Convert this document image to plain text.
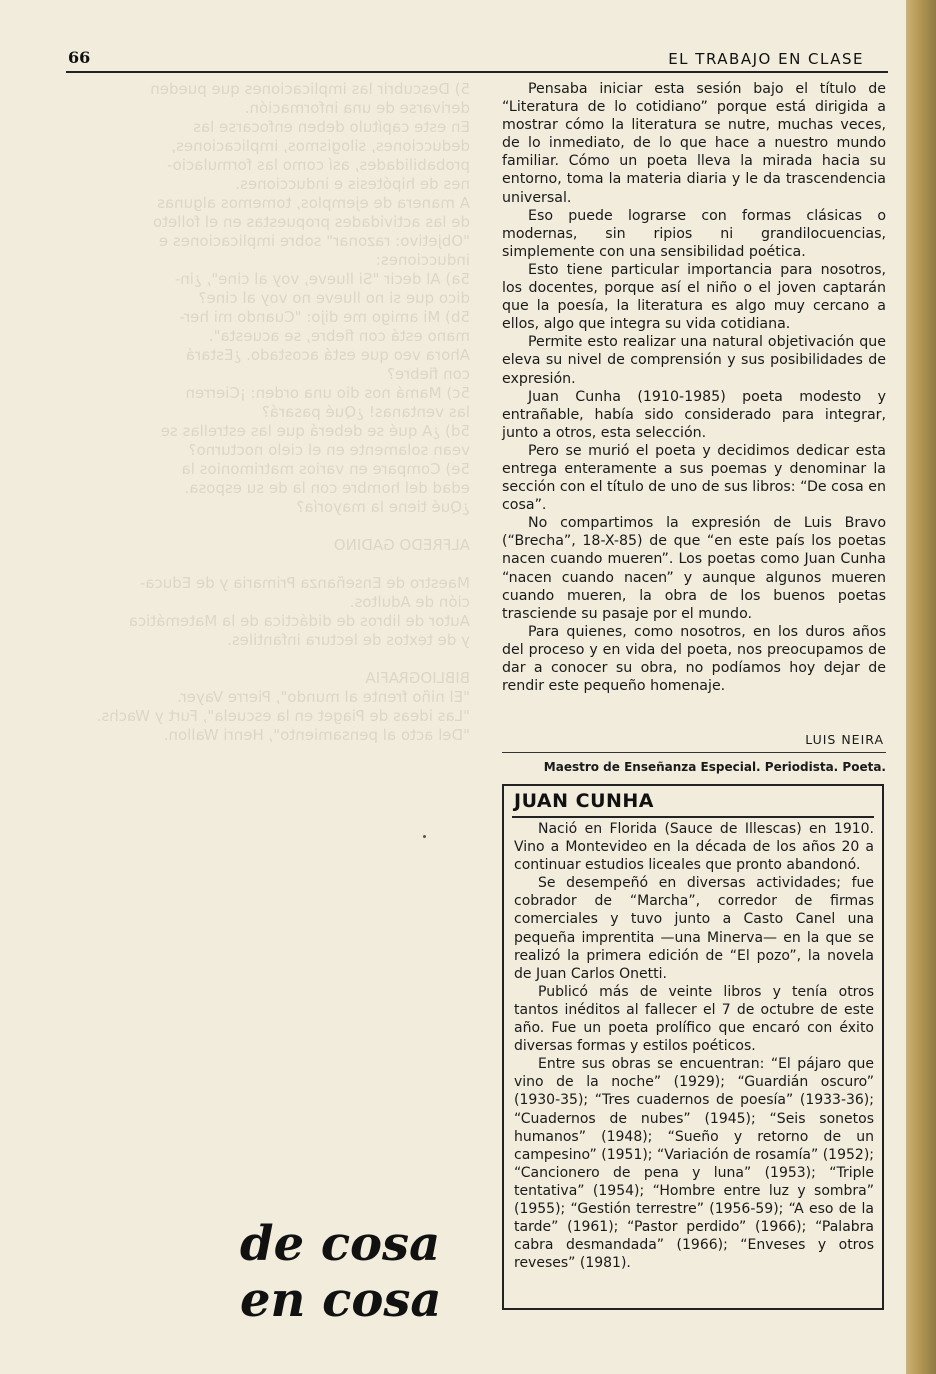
5) Descubrir las implicaciones que pueden
derivarse de una información.
En este capítulo deben enfocarse las
deducciones, silogismos, implicaciones,
probabilidades, así como las formulacio-
nes de hipótesis e inducciones.
A manera de ejemplos, tomemos algunas
de las actividades propuestas en el folleto
"Objetivo: razonar" sobre implicaciones e
inducciones:
5a) Al decir "Si llueve, voy al cine", ¿in-
dico que si no llueve no voy al cine?
5b) Mi amigo me dijo: "Cuando mi her-
mano está con fiebre, se acuesta".
Ahora veo que está acostado. ¿Estará
con fiebre?
5c) Mamá nos dio una orden: ¡Cierren
las ventanas! ¿Qué pasará?
5d) ¿A qué se deberá que las estrellas se
vean solamente en el cielo nocturno?
5e) Compare en varios matrimonios la
edad del hombre con la de su esposa.
¿Qué tiene la mayoría?

ALFREDO GADINO

Maestro de Enseñanza Primaria y de Educa-
ción de Adultos.
Autor de libros de didáctica de la Matemática
y de textos de lectura infantiles.

BIBLIOGRAFIA
"El niño frente al mundo", Pierre Vayer.
"Las ideas de Piaget en la escuela", Furt y Wachs.
"Del acto al pensamiento", Henri Wallon.
66	EL TRABAJO EN CLASE

Pensaba iniciar esta sesión bajo el título de “Literatura de lo cotidiano” porque está dirigida a mostrar cómo la literatura se nutre, muchas veces, de lo inmediato, de lo que hace a nuestro mundo familiar. Cómo un poeta lleva la mirada hacia su entorno, toma la materia diaria y le da trascendencia universal.

Eso puede lograrse con formas clásicas o modernas, sin ripios ni grandilocuencias, simplemente con una sensibilidad poética.

Esto tiene particular importancia para nosotros, los docentes, porque así el niño o el joven captarán que la poesía, la literatura es algo muy cercano a ellos, algo que integra su vida cotidiana.

Permite esto realizar una natural objetivación que eleva su nivel de comprensión y sus posibilidades de expresión.

Juan Cunha (1910-1985) poeta modesto y entrañable, había sido considerado para integrar, junto a otros, esta selección.

Pero se murió el poeta y decidimos dedicar esta entrega enteramente a sus poemas y denominar la sección con el título de uno de sus libros: “De cosa en cosa”.

No compartimos la expresión de Luis Bravo (“Brecha”, 18-X-85) de que “en este país los poetas nacen cuando mueren”. Los poetas como Juan Cunha “nacen cuando nacen” y aunque algunos mueren cuando mueren, la obra de los buenos poetas trasciende su pasaje por el mundo.

Para quienes, como nosotros, en los duros años del proceso y en vida del poeta, nos preocupamos de dar a conocer su obra, no podíamos hoy dejar de rendir este pequeño homenaje.

LUIS NEIRA
Maestro de Enseñanza Especial. Periodista. Poeta.
JUAN CUNHA

Nació en Florida (Sauce de Illescas) en 1910. Vino a Montevideo en la década de los años 20 a continuar estudios liceales que pronto abandonó.

Se desempeñó en diversas actividades; fue cobrador de “Marcha”, corredor de firmas comerciales y tuvo junto a Casto Canel una pequeña imprentita —una Minerva— en la que se realizó la primera edición de “El pozo”, la novela de Juan Carlos Onetti.

Publicó más de veinte libros y tenía otros tantos inéditos al fallecer el 7 de octubre de este año. Fue un poeta prolífico que encaró con éxito diversas formas y estilos poéticos.

Entre sus obras se encuentran: “El pájaro que vino de la noche” (1929); “Guardián oscuro” (1930-35); “Tres cuadernos de poesía” (1933-36); “Cuadernos de nubes” (1945); “Seis sonetos humanos” (1948); “Sueño y retorno de un campesino” (1951); “Variación de rosamía” (1952); “Cancionero de pena y luna” (1953); “Triple tentativa” (1954); “Hombre entre luz y sombra” (1955); “Gestión terrestre” (1956-59); “A eso de la tarde” (1961); “Pastor perdido” (1966); “Palabra cabra desmandada” (1966); “Enveses y otros reveses” (1981).

de cosa
en cosa
